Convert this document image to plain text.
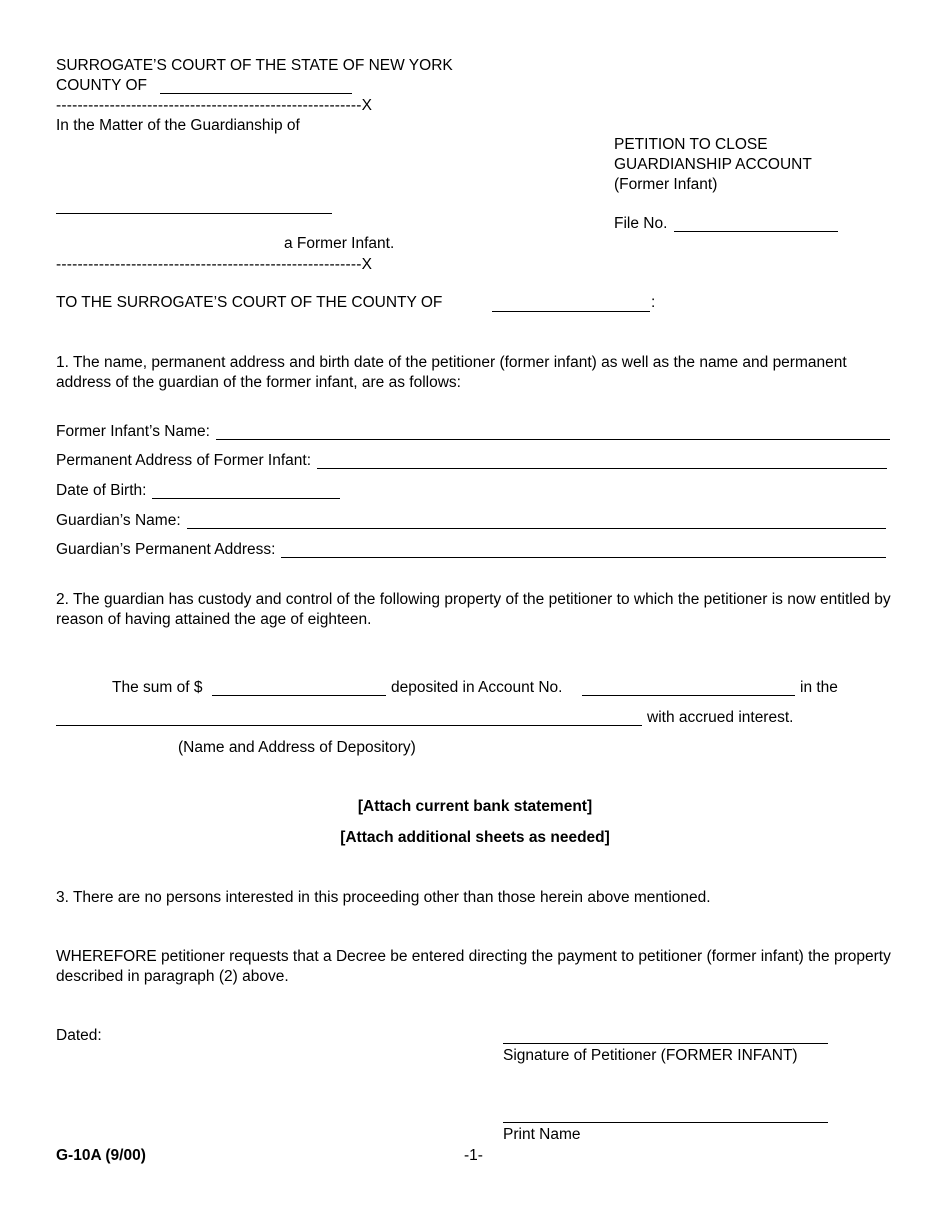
SURROGATE’S COURT OF THE STATE OF NEW YORK
COUNTY OF
---------------------------------------------------------X
In the Matter of the Guardianship of
a Former Infant.
---------------------------------------------------------X
PETITION TO CLOSE
GUARDIANSHIP ACCOUNT
(Former Infant)
File No.
TO THE SURROGATE’S COURT OF THE COUNTY OF	:
1. The name, permanent address and birth date of the petitioner (former infant) as well as the name and permanent address of the guardian of the former infant, are as follows:
Former Infant’s Name:
Permanent Address of Former Infant:
Date of Birth:
Guardian’s Name:
Guardian’s Permanent Address:
2. The guardian has custody and control of the following property of the petitioner to which the petitioner is now entitled by reason of having attained the age of eighteen.
The sum of $	deposited in Account No.	in the
with accrued interest.
(Name and Address of Depository)
[Attach current bank statement]
[Attach additional sheets as needed]
3. There are no persons interested in this proceeding other than those herein above mentioned.
WHEREFORE petitioner requests that a Decree be entered directing the payment to petitioner (former infant) the property described in paragraph (2) above.
Dated:
Signature of Petitioner (FORMER INFANT)
Print Name
G-10A (9/00)	-1-
